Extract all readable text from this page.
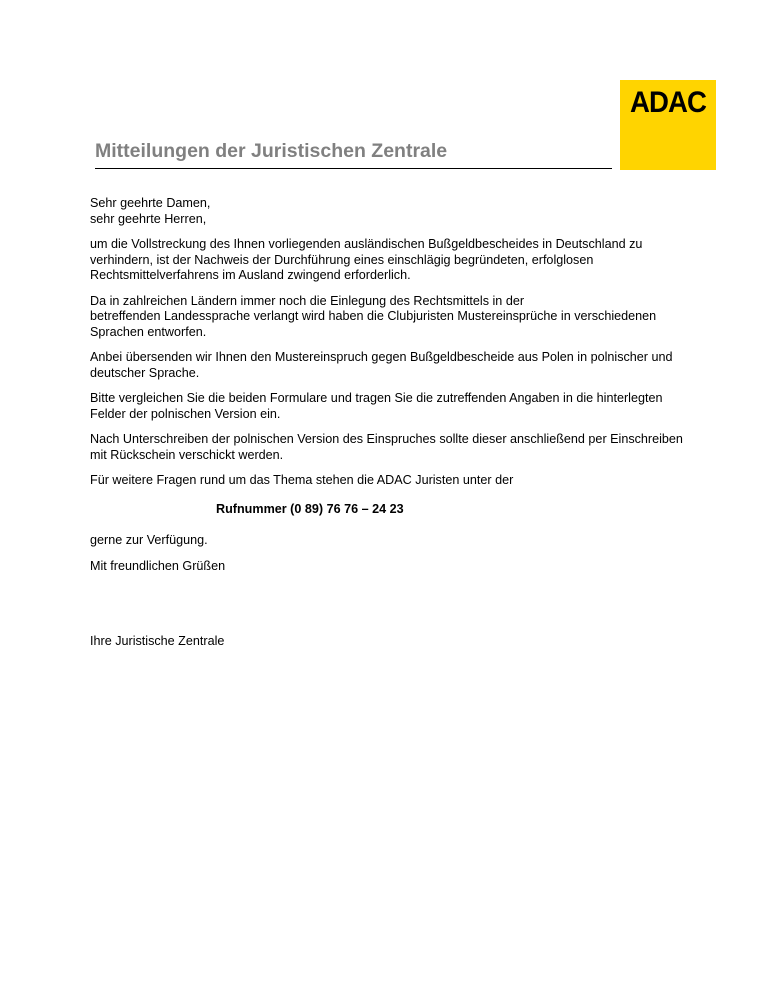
ADAC
Mitteilungen der Juristischen Zentrale

Sehr geehrte Damen,
sehr geehrte Herren,

um die Vollstreckung des Ihnen vorliegenden ausländischen Bußgeldbescheides in Deutschland zu verhindern, ist der Nachweis der Durchführung eines einschlägig begründeten, erfolglosen Rechtsmittelverfahrens im Ausland zwingend erforderlich.

Da in zahlreichen Ländern immer noch die Einlegung des Rechtsmittels in der
betreffenden Landessprache verlangt wird haben die Clubjuristen Mustereinsprüche in verschiedenen Sprachen entworfen.

Anbei übersenden wir Ihnen den Mustereinspruch gegen Bußgeldbescheide aus Polen in polnischer und deutscher Sprache.

Bitte vergleichen Sie die beiden Formulare und tragen Sie die zutreffenden Angaben in die hinterlegten Felder der polnischen Version ein.

Nach Unterschreiben der polnischen Version des Einspruches sollte dieser anschließend per Einschreiben mit Rückschein verschickt werden.

Für weitere Fragen rund um das Thema stehen die ADAC Juristen unter der

Rufnummer (0 89) 76 76 – 24 23

gerne zur Verfügung.

Mit freundlichen Grüßen

Ihre Juristische Zentrale
